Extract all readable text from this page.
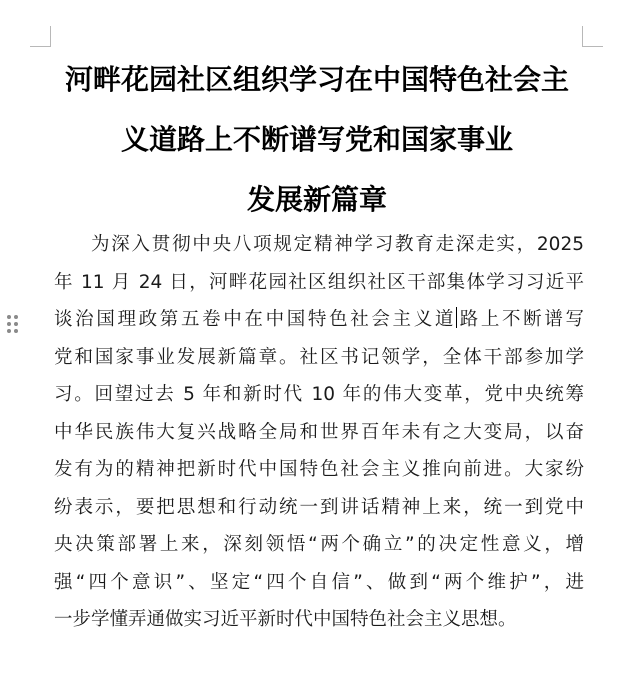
河畔花园社区组织学习在中国特色社会主
义道路上不断谱写党和国家事业
发展新篇章
为深入贯彻中央八项规定精神学习教育走深走实，2025
年 11 月 24 日，河畔花园社区组织社区干部集体学习习近平
谈治国理政第五卷中在中国特色社会主义道路上不断谱写
党和国家事业发展新篇章。社区书记领学，全体干部参加学
习。回望过去 5 年和新时代 10 年的伟大变革，党中央统筹
中华民族伟大复兴战略全局和世界百年未有之大变局，以奋
发有为的精神把新时代中国特色社会主义推向前进。大家纷
纷表示，要把思想和行动统一到讲话精神上来，统一到党中
央决策部署上来，深刻领悟“两个确立”的决定性意义，增
强“四个意识”、坚定“四个自信”、做到“两个维护”，进
一步学懂弄通做实习近平新时代中国特色社会主义思想。
